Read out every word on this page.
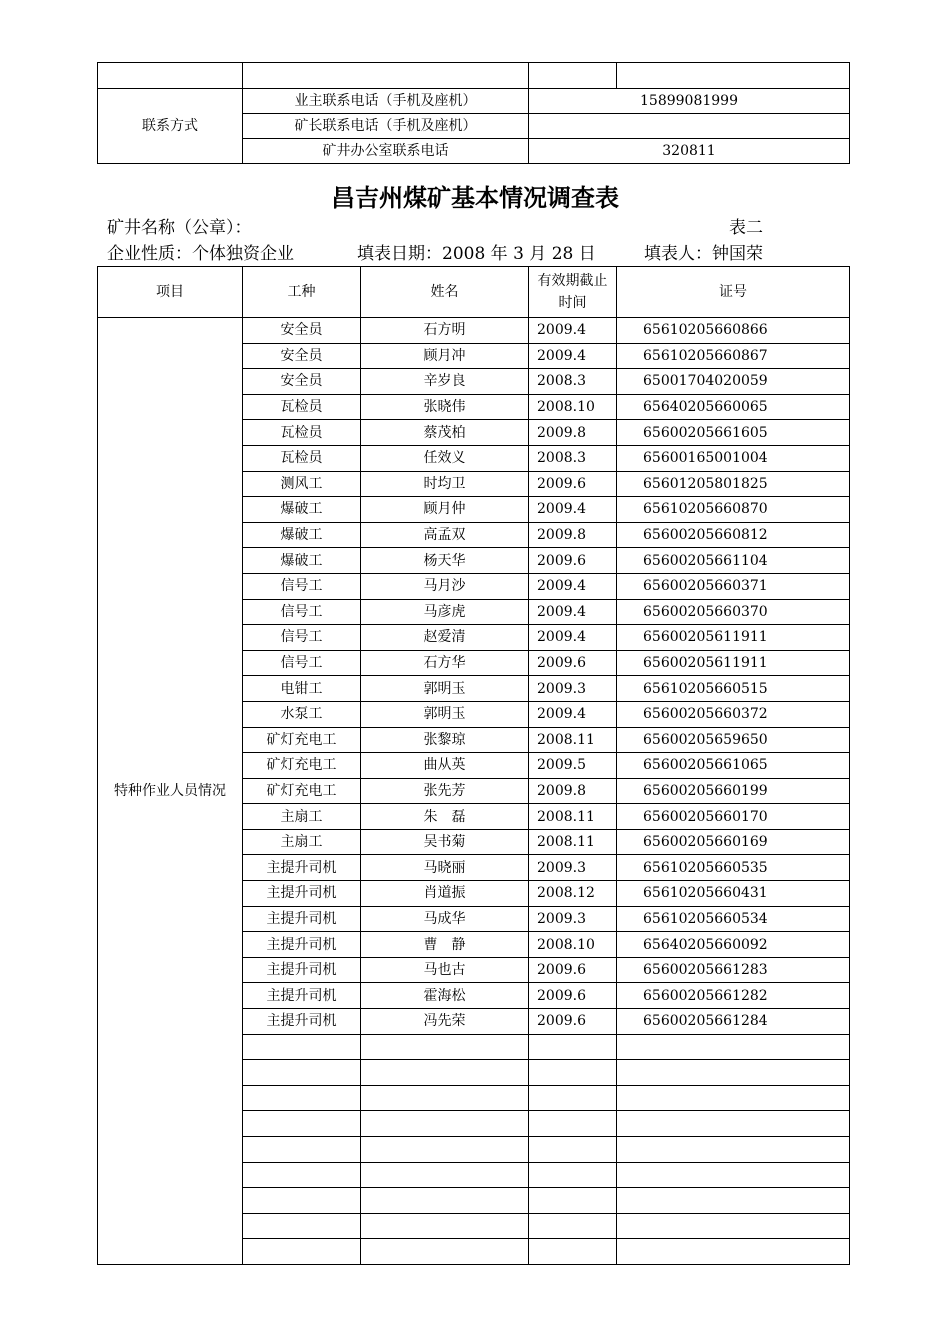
联系方式	业主联系电话（手机及座机）	15899081999	
	矿长联系电话（手机及座机）		
	矿井办公室联系电话	320811	
昌吉州煤矿基本情况调查表
矿井名称（公章）：	表二
企业性质：个体独资企业	填表日期：2008 年 3 月 28 日	填表人：钟国荣
项目	工种	姓名	有效期截止时间	证号
特种作业人员情况	安全员	石方明	2009.4	65610205660866
	安全员	顾月冲	2009.4	65610205660867
	安全员	辛岁良	2008.3	65001704020059
	瓦检员	张晓伟	2008.10	65640205660065
	瓦检员	蔡茂柏	2009.8	65600205661605
	瓦检员	任效义	2008.3	65600165001004
	测风工	时均卫	2009.6	65601205801825
	爆破工	顾月仲	2009.4	65610205660870
	爆破工	高孟双	2009.8	65600205660812
	爆破工	杨天华	2009.6	65600205661104
	信号工	马月沙	2009.4	65600205660371
	信号工	马彦虎	2009.4	65600205660370
	信号工	赵爱清	2009.4	65600205611911
	信号工	石方华	2009.6	65600205611911
	电钳工	郭明玉	2009.3	65610205660515
	水泵工	郭明玉	2009.4	65600205660372
	矿灯充电工	张黎琼	2008.11	65600205659650
	矿灯充电工	曲从英	2009.5	65600205661065
	矿灯充电工	张先芳	2009.8	65600205660199
	主扇工	朱　磊	2008.11	65600205660170
	主扇工	吴书菊	2008.11	65600205660169
	主提升司机	马晓丽	2009.3	65610205660535
	主提升司机	肖道振	2008.12	65610205660431
	主提升司机	马成华	2009.3	65610205660534
	主提升司机	曹　静	2008.10	65640205660092
	主提升司机	马也古	2009.6	65600205661283
	主提升司机	霍海松	2009.6	65600205661282
	主提升司机	冯先荣	2009.6	65600205661284
